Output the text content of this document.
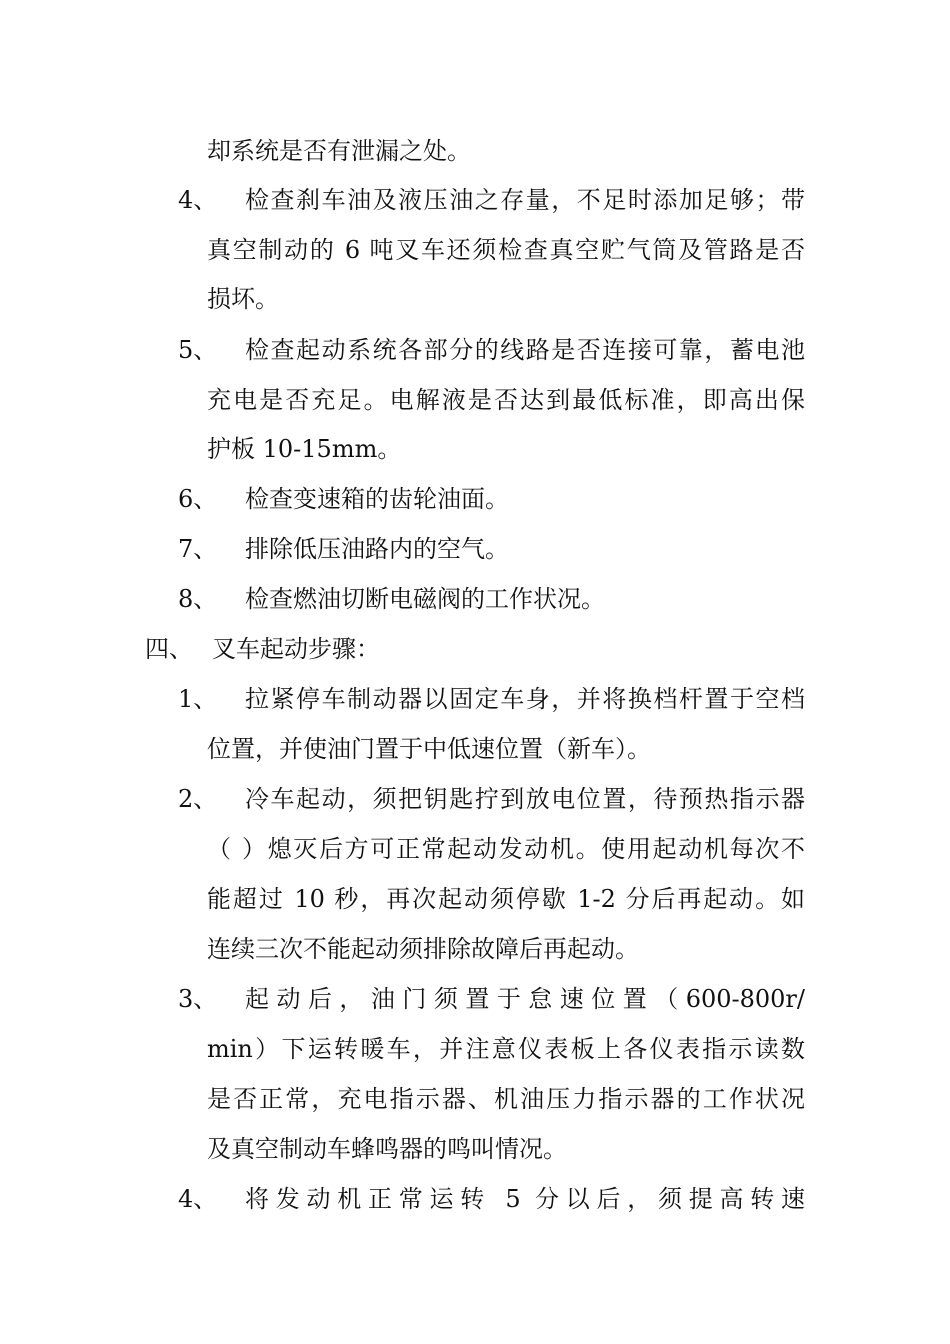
却系统是否有泄漏之处。
4、 检查刹车油及液压油之存量，不足时添加足够；带
真空制动的 6 吨叉车还须检查真空贮气筒及管路是否
损坏。
5、 检查起动系统各部分的线路是否连接可靠，蓄电池
充电是否充足。电解液是否达到最低标准，即高出保
护板 10-15mm。
6、 检查变速箱的齿轮油面。
7、 排除低压油路内的空气。
8、 检查燃油切断电磁阀的工作状况。
四、 叉车起动步骤：
1、 拉紧停车制动器以固定车身，并将换档杆置于空档
位置，并使油门置于中低速位置（新车）。
2、 冷车起动，须把钥匙拧到放电位置，待预热指示器
（ ）熄灭后方可正常起动发动机。使用起动机每次不
能超过 10 秒，再次起动须停歇 1-2 分后再起动。如
连续三次不能起动须排除故障后再起动。
3、 起动后，油门须置于怠速位置（600-800r/
min）下运转暖车，并注意仪表板上各仪表指示读数
是否正常，充电指示器、机油压力指示器的工作状况
及真空制动车蜂鸣器的鸣叫情况。
4、 将发动机正常运转 5 分以后，须提高转速
